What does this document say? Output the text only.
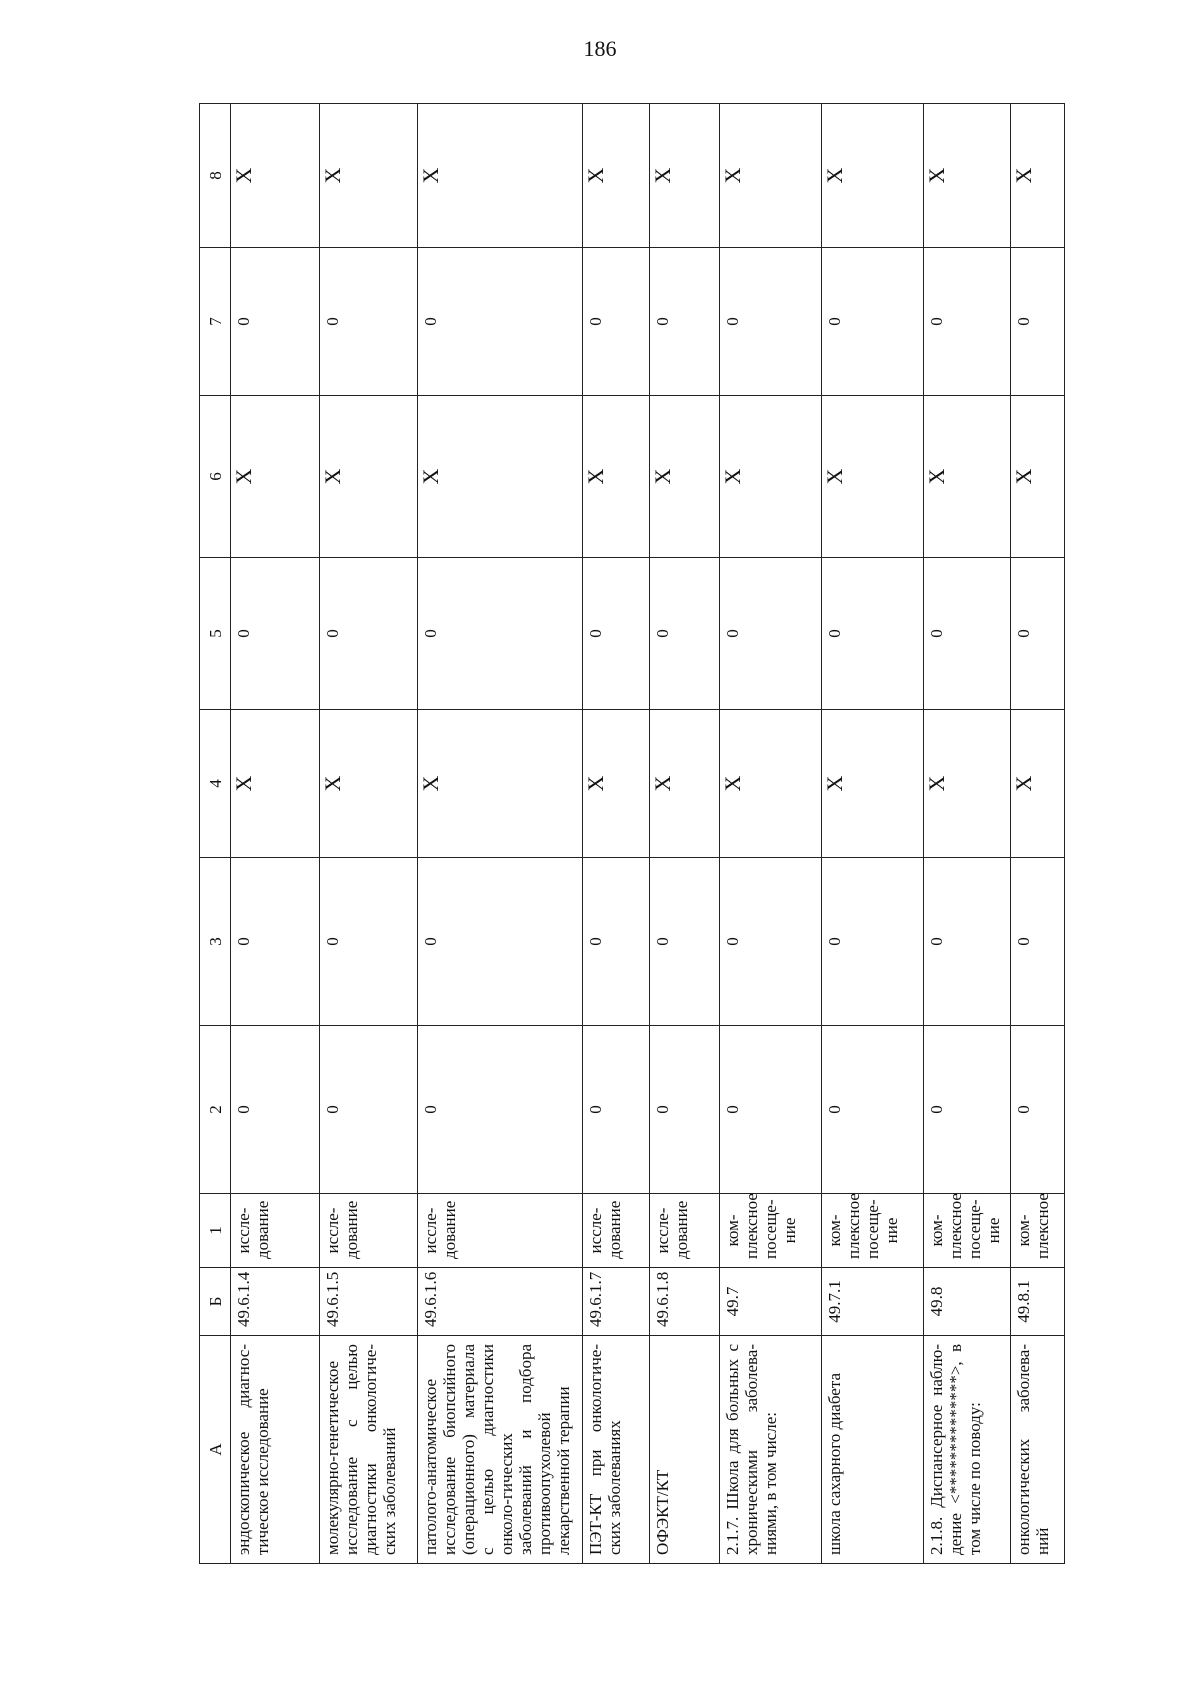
186
А	Б	1	2	3	4	5	6	7	8
эндоскопическое диагнос-тическое исследование	49.6.1.4	иссле-дование	0	0	X	0	X	0	X
молекулярно-генетическое исследование с целью диагностики онкологиче-ских заболеваний	49.6.1.5	иссле-дование	0	0	X	0	X	0	X
патолого-анатомическое исследование биопсийного (операционного) материала с целью диагностики онколо-гических заболеваний и подбора противоопухолевой лекарственной терапии	49.6.1.6	иссле-дование	0	0	X	0	X	0	X
ПЭТ-КТ при онкологиче-ских заболеваниях	49.6.1.7	иссле-дование	0	0	X	0	X	0	X
ОФЭКТ/КТ	49.6.1.8	иссле-дование	0	0	X	0	X	0	X
2.1.7. Школа для больных с хроническими заболева-ниями, в том числе:	49.7	ком-плексное посеще-ние	0	0	X	0	X	0	X
школа сахарного диабета	49.7.1	ком-плексное посеще-ние	0	0	X	0	X	0	X
2.1.8. Диспансерное наблю-дение <**************>, в том числе по поводу:	49.8	ком-плексное посеще-ние	0	0	X	0	X	0	X
онкологических заболева-ний	49.8.1	ком-плексное	0	0	X	0	X	0	X
